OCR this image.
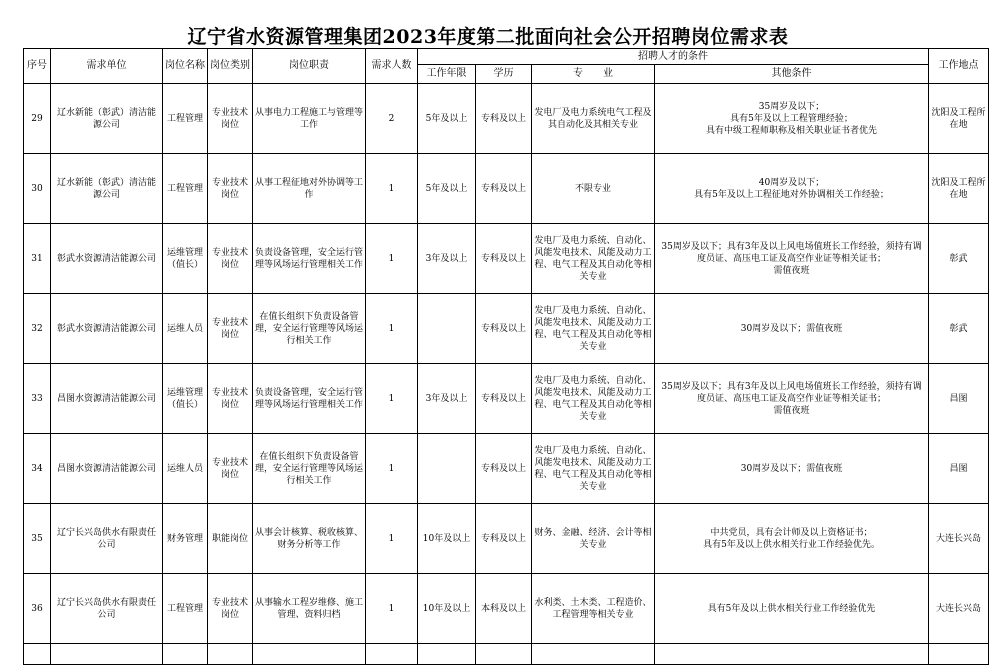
辽宁省水资源管理集团2023年度第二批面向社会公开招聘岗位需求表
序号	需求单位	岗位名称	岗位类别	岗位职责	需求人数	招聘人才的条件				工作地点
						工作年限	学历	专　　业	其他条件	
29	辽水新能（彰武）清洁能源公司	工程管理	专业技术岗位	从事电力工程施工与管理等工作	2	5年及以上	专科及以上	发电厂及电力系统电气工程及其自动化及其相关专业	35周岁及以下；
具有5年及以上工程管理经验；
具有中级工程师职称及相关职业证书者优先	沈阳及工程所在地
30	辽水新能（彰武）清洁能源公司	工程管理	专业技术岗位	从事工程征地对外协调等工作	1	5年及以上	专科及以上	不限专业	40周岁及以下；
具有5年及以上工程征地对外协调相关工作经验；	沈阳及工程所在地
31	彰武水资源清洁能源公司	运维管理（值长）	专业技术岗位	负责设备管理，安全运行管理等风场运行管理相关工作	1	3年及以上	专科及以上	发电厂及电力系统、自动化、风能发电技术、风能及动力工程、电气工程及其自动化等相关专业	35周岁及以下；具有3年及以上风电场值班长工作经验，须持有调度员证、高压电工证及高空作业证等相关证书；
需值夜班	彰武
32	彰武水资源清洁能源公司	运维人员	专业技术岗位	在值长组织下负责设备管理，安全运行管理等风场运行相关工作	1		专科及以上	发电厂及电力系统、自动化、风能发电技术、风能及动力工程、电气工程及其自动化等相关专业	30周岁及以下；需值夜班	彰武
33	昌图水资源清洁能源公司	运维管理（值长）	专业技术岗位	负责设备管理，安全运行管理等风场运行管理相关工作	1	3年及以上	专科及以上	发电厂及电力系统、自动化、风能发电技术、风能及动力工程、电气工程及其自动化等相关专业	35周岁及以下；具有3年及以上风电场值班长工作经验，须持有调度员证、高压电工证及高空作业证等相关证书；
需值夜班	昌图
34	昌图水资源清洁能源公司	运维人员	专业技术岗位	在值长组织下负责设备管理，安全运行管理等风场运行相关工作	1		专科及以上	发电厂及电力系统、自动化、风能发电技术、风能及动力工程、电气工程及其自动化等相关专业	30周岁及以下；需值夜班	昌图
35	辽宁长兴岛供水有限责任公司	财务管理	职能岗位	从事会计核算、税收核算、财务分析等工作	1	10年及以上	专科及以上	财务、金融、经济、会计等相关专业	中共党员，具有会计师及以上资格证书；
具有5年及以上供水相关行业工作经验优先。	大连长兴岛
36	辽宁长兴岛供水有限责任公司	工程管理	专业技术岗位	从事输水工程岁维修、施工管理、资料归档	1	10年及以上	本科及以上	水利类、土木类、工程造价、工程管理等相关专业	具有5年及以上供水相关行业工作经验优先	大连长兴岛
